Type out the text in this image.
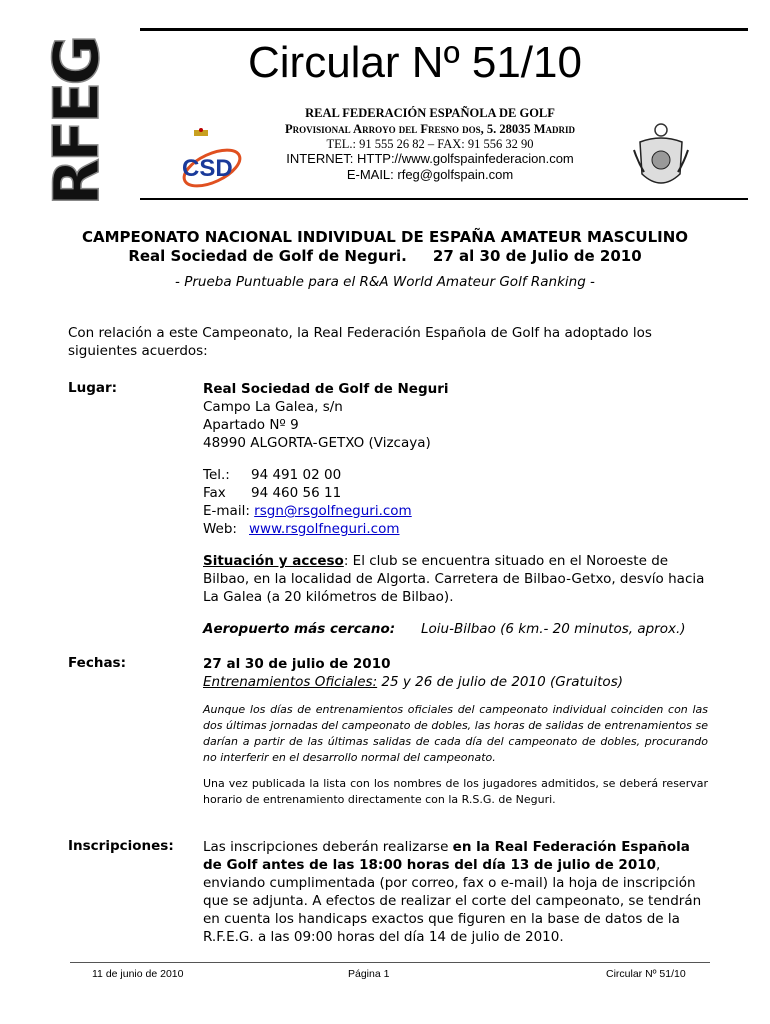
RFEG	Circular Nº 51/10
CSD
REAL FEDERACIÓN ESPAÑOLA DE GOLF
Provisional Arroyo del Fresno dos, 5. 28035 Madrid
TEL.: 91 555 26 82 – FAX: 91 556 32 90
INTERNET: HTTP://www.golfspainfederacion.com
E-MAIL: rfeg@golfspain.com
CAMPEONATO NACIONAL INDIVIDUAL DE ESPAÑA AMATEUR MASCULINO
Real Sociedad de Golf de Neguri.     27 al 30 de Julio de 2010
- Prueba Puntuable para el R&A World Amateur Golf Ranking -
Con relación a este Campeonato, la Real Federación Española de Golf ha adoptado los siguientes acuerdos:
Lugar:	Real Sociedad de Golf de Neguri
Campo La Galea, s/n
Apartado Nº 9
48990 ALGORTA-GETXO (Vizcaya)
Tel.: 94 491 02 00
Fax 94 460 56 11
E-mail: rsgn@rsgolfneguri.com
Web: www.rsgolfneguri.com
Situación y acceso: El club se encuentra situado en el Noroeste de Bilbao, en la localidad de Algorta. Carretera de Bilbao-Getxo, desvío hacia La Galea (a 20 kilómetros de Bilbao).
Aeropuerto más cercano: Loiu-Bilbao (6 km.- 20 minutos, aprox.)
Fechas:	27 al 30 de julio de 2010
Entrenamientos Oficiales: 25 y 26 de julio de 2010 (Gratuitos)
Aunque los días de entrenamientos oficiales del campeonato individual coinciden con las dos últimas jornadas del campeonato de dobles, las horas de salidas de entrenamientos se darían a partir de las últimas salidas de cada día del campeonato de dobles, procurando no interferir en el desarrollo normal del campeonato.
Una vez publicada la lista con los nombres de los jugadores admitidos, se deberá reservar horario de entrenamiento directamente con la R.S.G. de Neguri.
Inscripciones: Las inscripciones deberán realizarse en la Real Federación Española de Golf antes de las 18:00 horas del día 13 de julio de 2010, enviando cumplimentada (por correo, fax o e-mail) la hoja de inscripción que se adjunta. A efectos de realizar el corte del campeonato, se tendrán en cuenta los handicaps exactos que figuren en la base de datos de la R.F.E.G. a las 09:00 horas del día 14 de julio de 2010.
11 de junio de 2010	Página 1	Circular Nº 51/10
